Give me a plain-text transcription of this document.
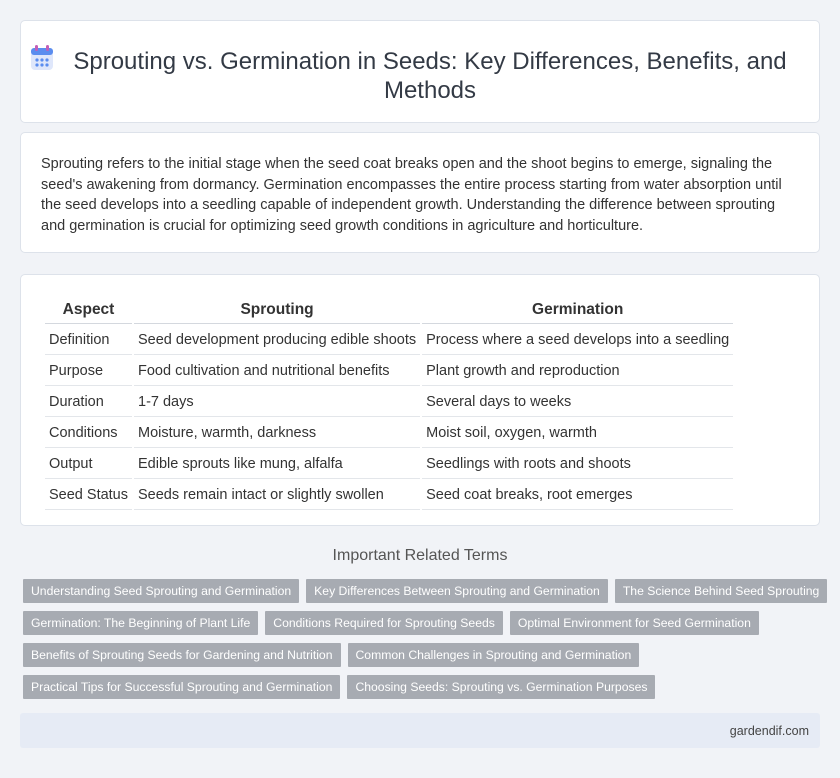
Sprouting vs. Germination in Seeds: Key Differences, Benefits, and Methods

Sprouting refers to the initial stage when the seed coat breaks open and the shoot begins to emerge, signaling the seed's awakening from dormancy. Germination encompasses the entire process starting from water absorption until the seed develops into a seedling capable of independent growth. Understanding the difference between sprouting and germination is crucial for optimizing seed growth conditions in agriculture and horticulture.

Aspect	Sprouting	Germination
Definition	Seed development producing edible shoots	Process where a seed develops into a seedling
Purpose	Food cultivation and nutritional benefits	Plant growth and reproduction
Duration	1-7 days	Several days to weeks
Conditions	Moisture, warmth, darkness	Moist soil, oxygen, warmth
Output	Edible sprouts like mung, alfalfa	Seedlings with roots and shoots
Seed Status	Seeds remain intact or slightly swollen	Seed coat breaks, root emerges
Important Related Terms
Understanding Seed Sprouting and Germination	Key Differences Between Sprouting and Germination	The Science Behind Seed Sprouting
Germination: The Beginning of Plant Life	Conditions Required for Sprouting Seeds	Optimal Environment for Seed Germination
Benefits of Sprouting Seeds for Gardening and Nutrition	Common Challenges in Sprouting and Germination
Practical Tips for Successful Sprouting and Germination	Choosing Seeds: Sprouting vs. Germination Purposes
gardendif.com
